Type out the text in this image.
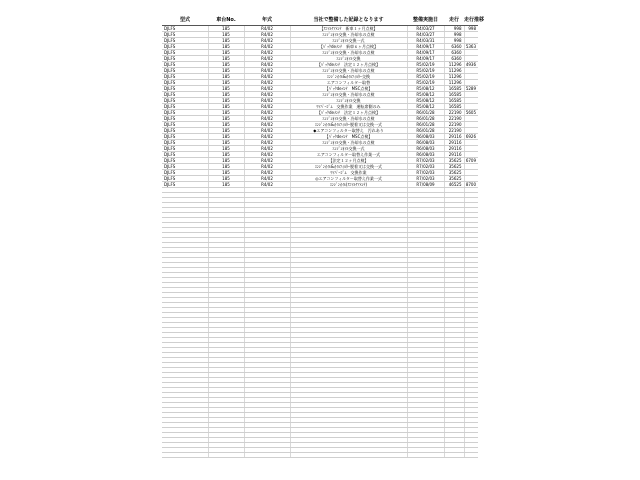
型式	車台No.	年式	当社で整備した記録となります	整備実施日	走行	走行推移
DJLFS	185	R4/02	【ｽﾏｲﾙｹｱﾒﾝﾃ　新車１ヶ月点検】	R4/03/27	998	998
DJLFS	185	R4/02	ｴﾝｼﾞﾝｵｲﾙ交換・冷却水の点検	R4/03/27	998	
DJLFS	185	R4/02	ｴﾝｼﾞﾝｵｲﾙ交換一式	R4/03/31	998	
DJLFS	185	R4/02	【ﾊﾟｯｸdeﾒﾝﾃ　新車６ヶ月点検】	R4/09/17	6360	5363
DJLFS	185	R4/02	ｴﾝｼﾞﾝｵｲﾙ交換・冷却水の点検	R4/09/17	6360	
DJLFS	185	R4/02	ｴﾝｼﾞﾝｵｲﾙ交換	R4/09/17	6360	
DJLFS	185	R4/02	【ﾊﾟｯｸdeﾒﾝﾃ　法定１２ヶ月点検】	R5/02/19	11296	4936
DJLFS	185	R4/02	ｴﾝｼﾞﾝｵｲﾙ交換・冷却水の点検	R5/02/19	11296	
DJLFS	185	R4/02	ｴﾝｼﾞﾝｵｲﾙ&ｵｲﾙﾌｨﾙﾀｰ交換	R5/02/19	11296	
DJLFS	185	R4/02	エアコンフィルター取替	R5/02/19	11296	
DJLFS	185	R4/02	【ﾊﾟｯｸdeﾒﾝﾃ　MSC点検】	R5/08/12	16585	5289
DJLFS	185	R4/02	ｴﾝｼﾞﾝｵｲﾙ交換・冷却水の点検	R5/08/12	16585	
DJLFS	185	R4/02	ｴﾝｼﾞﾝｵｲﾙ交換	R5/08/12	16585	
DJLFS	185	R4/02	ﾜｲﾊﾟｰｺﾞﾑ　交換作業　運転席側のみ	R5/08/12	16585	
DJLFS	185	R4/02	【ﾊﾟｯｸdeﾒﾝﾃ　法定１２ヶ月点検】	R6/01/28	22190	5605
DJLFS	185	R4/02	ｴﾝｼﾞﾝｵｲﾙ交換・冷却水の点検	R6/01/28	22190	
DJLFS	185	R4/02	ｴﾝｼﾞﾝｵｲﾙ&ｵｲﾙﾌｨﾙﾀｰ脱着又は交換一式	R6/01/28	22190	
DJLFS	185	R4/02	◆エアコンフィルター取替え　汚れあり	R6/01/28	22190	
DJLFS	185	R4/02	【ﾊﾟｯｸdeﾒﾝﾃ　MSC点検】	R6/08/03	29116	6926
DJLFS	185	R4/02	ｴﾝｼﾞﾝｵｲﾙ交換・冷却水の点検	R6/08/03	29116	
DJLFS	185	R4/02	ｴﾝｼﾞﾝｵｲﾙ交換一式	R6/08/03	29116	
DJLFS	185	R4/02	エアコンフィルター取替え作業一式	R6/08/03	29116	
DJLFS	185	R4/02	【法定１２ヶ月点検】	R7/02/03	35625	6709
DJLFS	185	R4/02	ｴﾝｼﾞﾝｵｲﾙ&ｵｲﾙﾌｨﾙﾀｰ脱着又は交換一式	R7/02/03	35625	
DJLFS	185	R4/02	ﾜｲﾊﾟｰｺﾞﾑ　交換作業	R7/02/03	35625	
DJLFS	185	R4/02	◎エアコンフィルター取替え作業一式	R7/02/03	35625	
DJLFS	185	R4/02	ｴﾝｼﾞﾝｵｲﾙ(ｽﾏｲﾙｹｱﾒﾝﾃ)	R7/08/09	46525	8700
